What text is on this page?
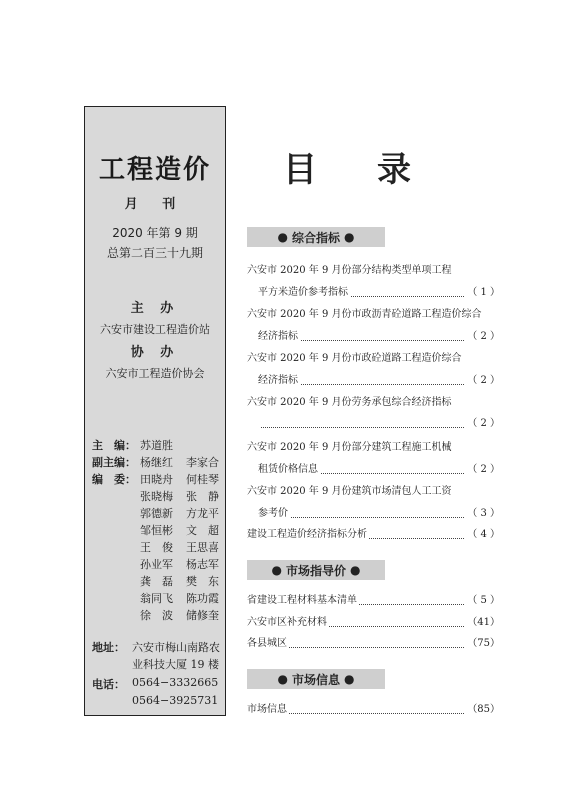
工程造价
月 刊
2020 年第 9 期
总第二百三十九期
主 办
六安市建设工程造价站
协 办
六安市工程造价协会
主　编： 苏道胜
副主编： 杨继红 李家合
编　委： 田晓舟 何桂琴
张晓梅 张　静
郭德新 方龙平
邹恒彬 文　超
王　俊 王思喜
孙业军 杨志军
龚　磊 樊　东
翁同飞 陈功霞
徐　波 储修奎
地址： 六安市梅山南路农
业科技大厦 19 楼
电话： 0564−3332665
0564−3925731
目录
● 综合指标 ●
六安市 2020 年 9 月份部分结构类型单项工程
平方米造价参考指标	（ 1 ）
六安市 2020 年 9 月份市政沥青砼道路工程造价综合
经济指标	（ 2 ）
六安市 2020 年 9 月份市政砼道路工程造价综合
经济指标	（ 2 ）
六安市 2020 年 9 月份劳务承包综合经济指标
（ 2 ）
六安市 2020 年 9 月份部分建筑工程施工机械
租赁价格信息	（ 2 ）
六安市 2020 年 9 月份建筑市场清包人工工资
参考价	（ 3 ）
建设工程造价经济指标分析	（ 4 ）
● 市场指导价 ●
省建设工程材料基本清单	（ 5 ）
六安市区补充材料	（41）
各县城区	（75）
● 市场信息 ●
市场信息	（85）
